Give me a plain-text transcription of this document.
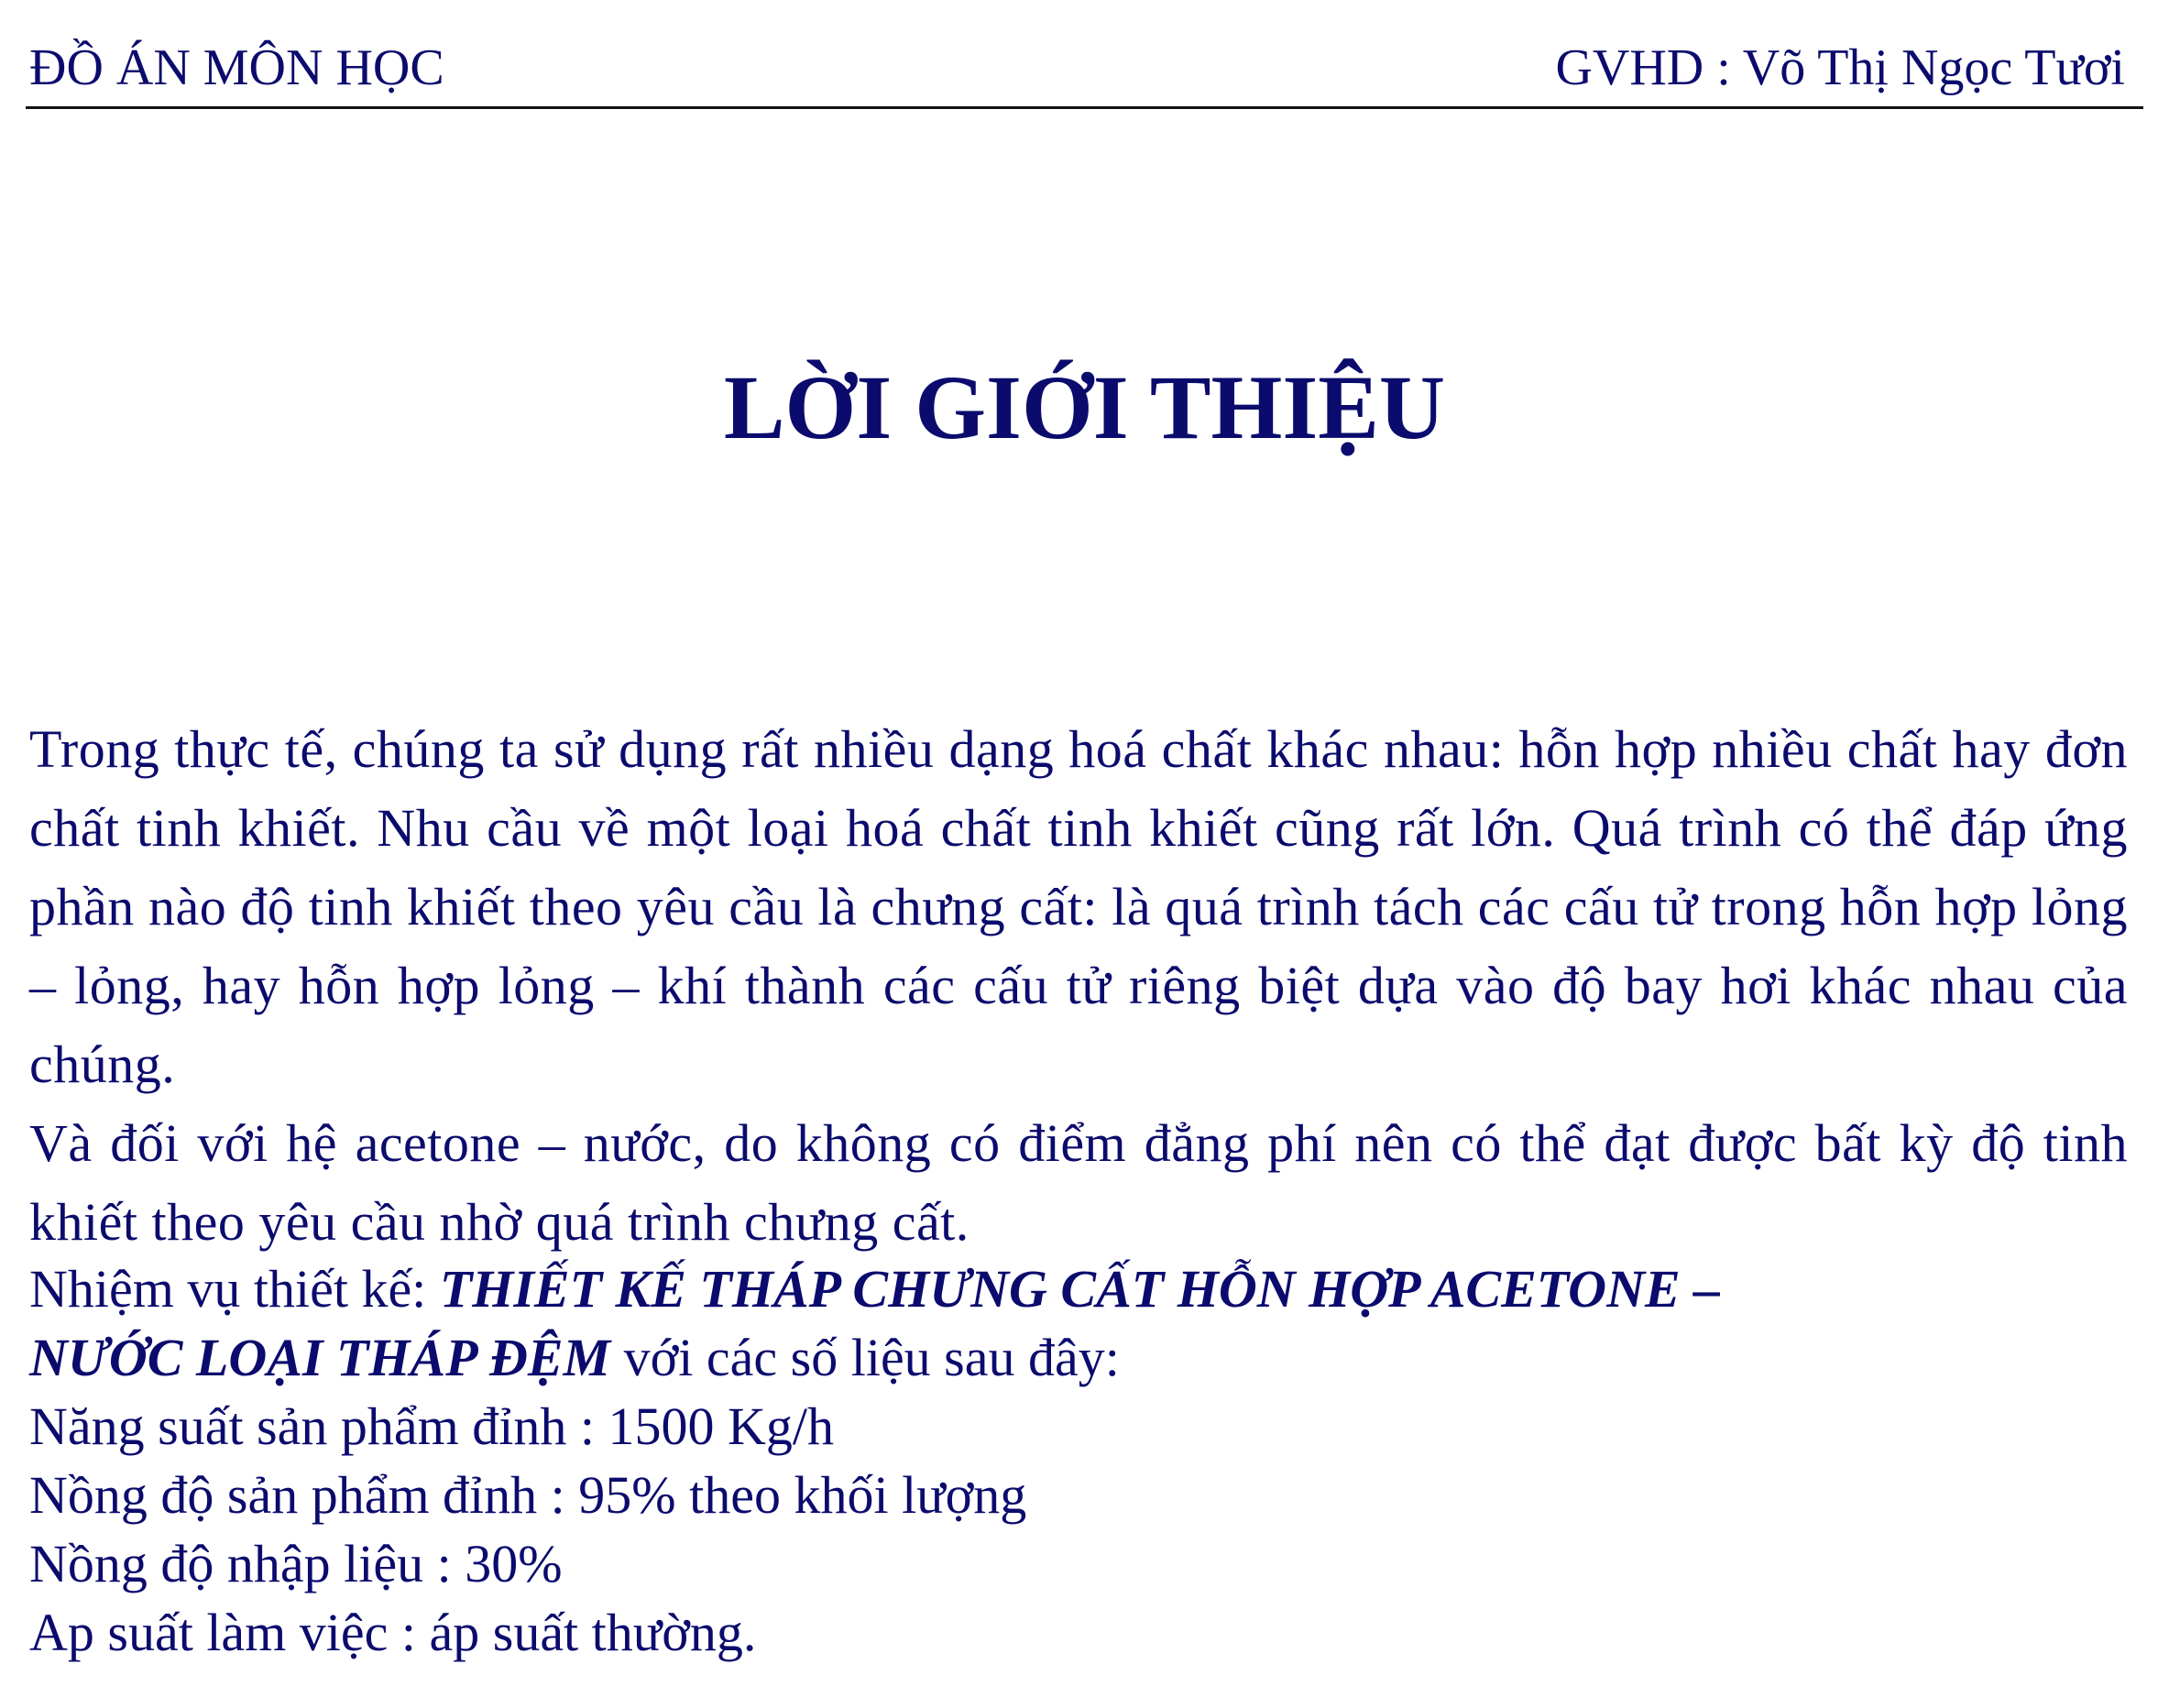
ĐỒ ÁN MÔN HỌC	GVHD : Võ Thị Ngọc Tươi
LỜI GIỚI THIỆU

Trong thực tế, chúng ta sử dụng rất nhiều dạng hoá chất khác nhau: hỗn hợp nhiều chất hay đơn chất tinh khiết. Nhu cầu về một loại hoá chất tinh khiết cũng rất lớn. Quá trình có thể đáp ứng phần nào độ tinh khiết theo yêu cầu là chưng cất: là quá trình tách các cấu tử trong hỗn hợp lỏng – lỏng, hay hỗn hợp lỏng – khí thành các cấu tử riêng biệt dựa vào độ bay hơi khác nhau của chúng.

Và đối với hệ acetone – nước, do không có điểm đẳng phí nên có thể đạt được bất kỳ độ tinh khiết theo yêu cầu nhờ quá trình chưng cất.

Nhiệm vụ thiết kế: THIẾT KẾ THÁP CHƯNG CẤT HỖN HỢP ACETONE –

NƯỚC LOẠI THÁP ĐỆM với các số liệu sau đây:

Năng suất sản phẩm đỉnh : 1500 Kg/h

Nồng độ sản phẩm đỉnh : 95% theo khối lượng

Nồng độ nhập liệu : 30%

Ap suất làm việc : áp suất thường.
